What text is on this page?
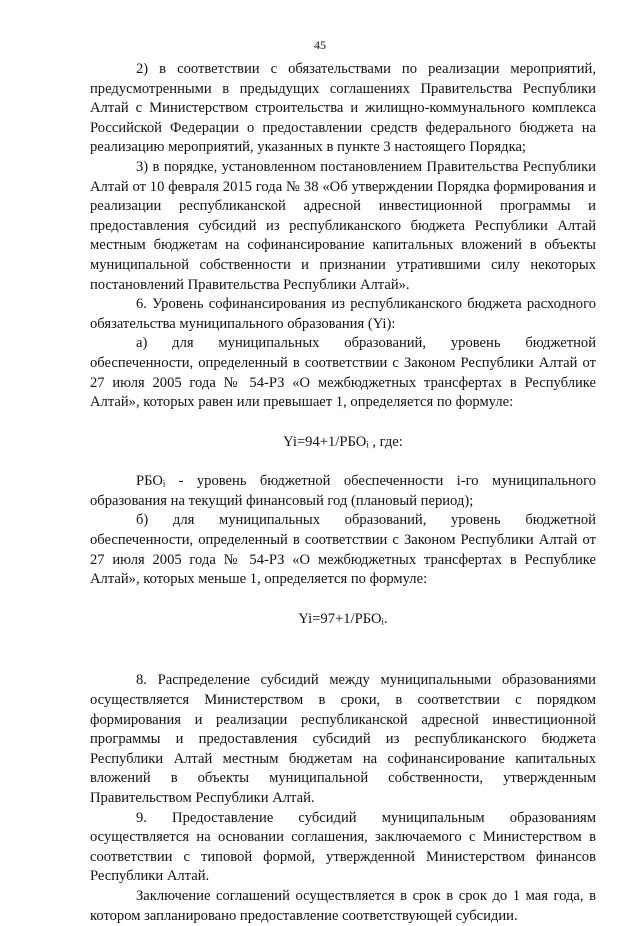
45

2) в соответствии с обязательствами по реализации мероприятий, предусмотренными в предыдущих соглашениях Правительства Республики Алтай с Министерством строительства и жилищно-коммунального комплекса Российской Федерации о предоставлении средств федерального бюджета на реализацию мероприятий, указанных в пункте 3 настоящего Порядка;

3) в порядке, установленном постановлением Правительства Республики Алтай от 10 февраля 2015 года № 38 «Об утверждении Порядка формирования и реализации республиканской адресной инвестиционной программы и предоставления субсидий из республиканского бюджета Республики Алтай местным бюджетам на софинансирование капитальных вложений в объекты муниципальной собственности и признании утратившими силу некоторых постановлений Правительства Республики Алтай».

6. Уровень софинансирования из республиканского бюджета расходного обязательства муниципального образования (Yi):

а) для муниципальных образований, уровень бюджетной обеспеченности, определенный в соответствии с Законом Республики Алтай от 27 июля 2005 года № 54-РЗ «О межбюджетных трансфертах в Республике Алтай», которых равен или превышает 1, определяется по формуле:

Yi=94+1/РБОᵢ , где:

РБОᵢ - уровень бюджетной обеспеченности i-го муниципального образования на текущий финансовый год (плановый период);

б) для муниципальных образований, уровень бюджетной обеспеченности, определенный в соответствии с Законом Республики Алтай от 27 июля 2005 года № 54-РЗ «О межбюджетных трансфертах в Республике Алтай», которых меньше 1, определяется по формуле:

Yi=97+1/РБОᵢ.

8. Распределение субсидий между муниципальными образованиями осуществляется Министерством в сроки, в соответствии с порядком формирования и реализации республиканской адресной инвестиционной программы и предоставления субсидий из республиканского бюджета Республики Алтай местным бюджетам на софинансирование капитальных вложений в объекты муниципальной собственности, утвержденным Правительством Республики Алтай.

9. Предоставление субсидий муниципальным образованиям осуществляется на основании соглашения, заключаемого с Министерством в соответствии с типовой формой, утвержденной Министерством финансов Республики Алтай.

Заключение соглашений осуществляется в срок в срок до 1 мая года, в котором запланировано предоставление соответствующей субсидии.
